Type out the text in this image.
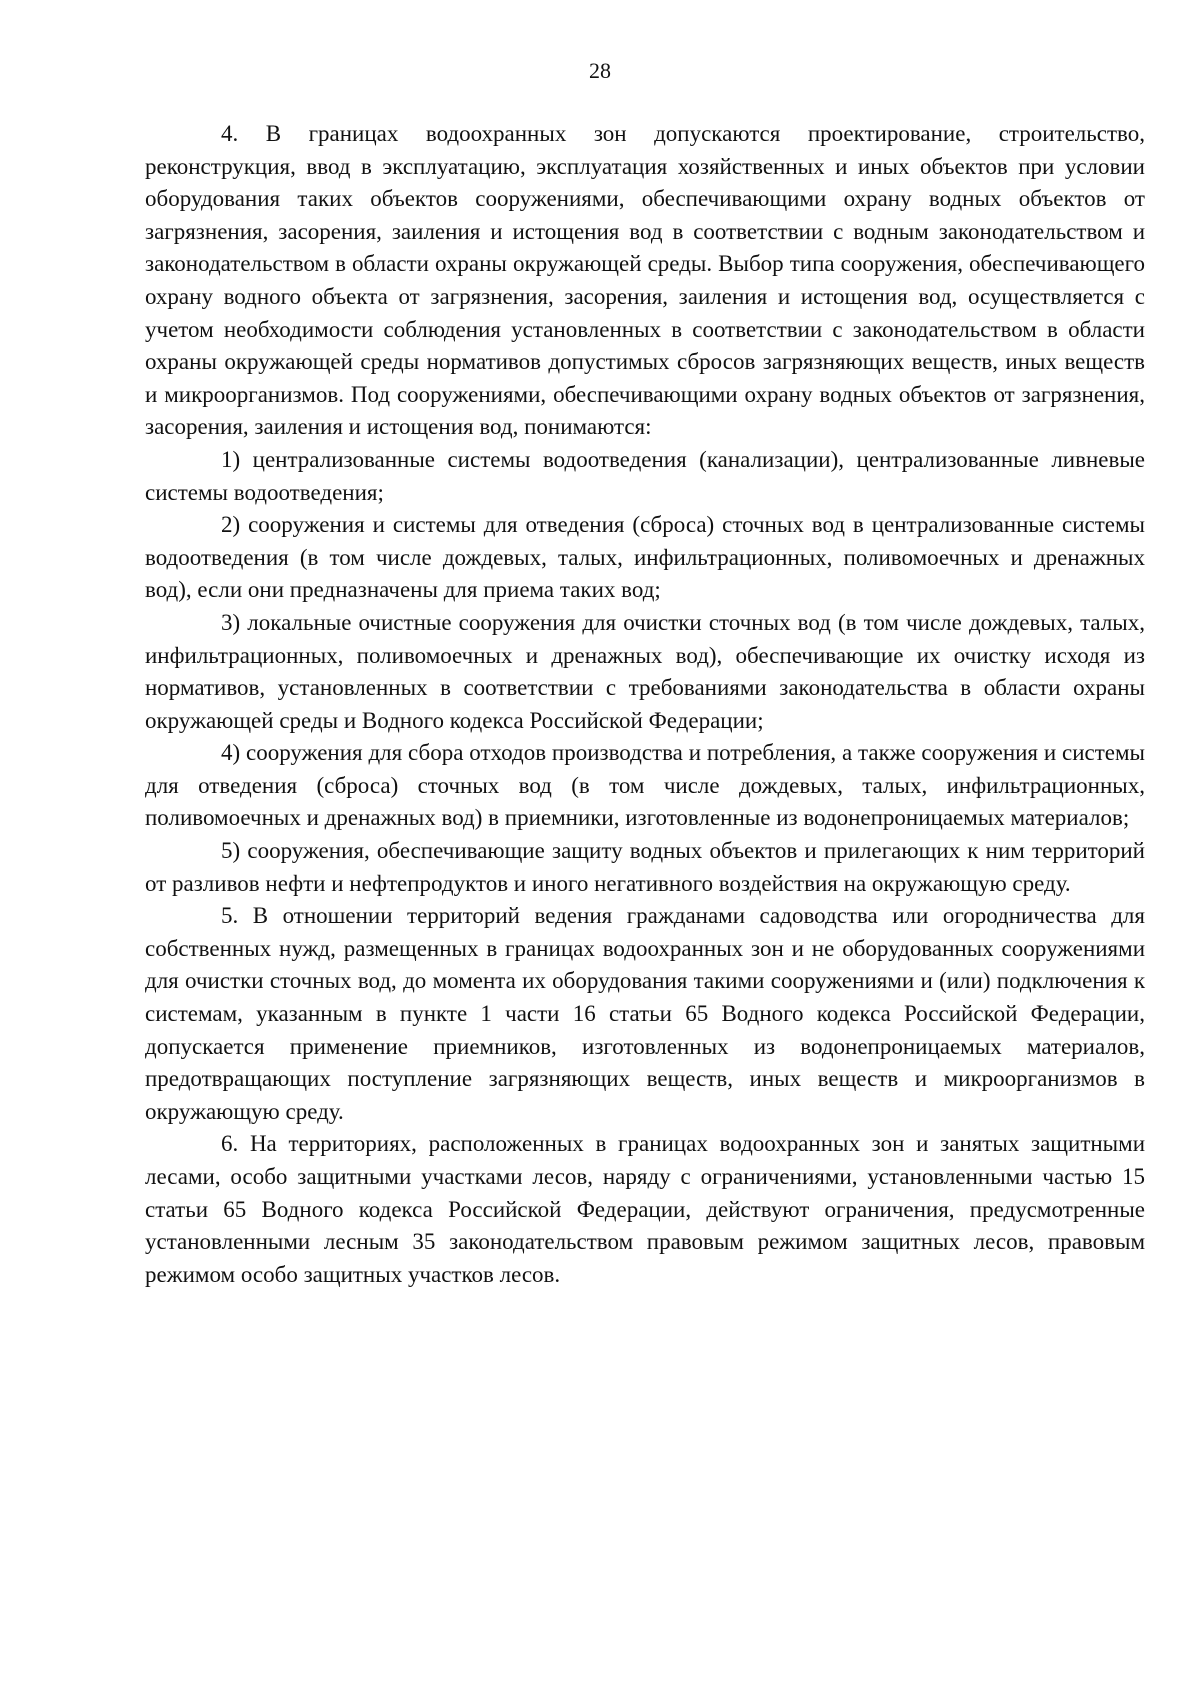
28

4. В границах водоохранных зон допускаются проектирование, строительство, реконструкция, ввод в эксплуатацию, эксплуатация хозяйственных и иных объектов при условии оборудования таких объектов сооружениями, обеспечивающими охрану водных объектов от загрязнения, засорения, заиления и истощения вод в соответствии с водным законодательством и законодательством в области охраны окружающей среды. Выбор типа сооружения, обеспечивающего охрану водного объекта от загрязнения, засорения, заиления и истощения вод, осуществляется с учетом необходимости соблюдения установленных в соответствии с законодательством в области охраны окружающей среды нормативов допустимых сбросов загрязняющих веществ, иных веществ и микроорганизмов. Под сооружениями, обеспечивающими охрану водных объектов от загрязнения, засорения, заиления и истощения вод, понимаются:

1) централизованные системы водоотведения (канализации), централизованные ливневые системы водоотведения;

2) сооружения и системы для отведения (сброса) сточных вод в централизованные системы водоотведения (в том числе дождевых, талых, инфильтрационных, поливомоечных и дренажных вод), если они предназначены для приема таких вод;

3) локальные очистные сооружения для очистки сточных вод (в том числе дождевых, талых, инфильтрационных, поливомоечных и дренажных вод), обеспечивающие их очистку исходя из нормативов, установленных в соответствии с требованиями законодательства в области охраны окружающей среды и Водного кодекса Российской Федерации;

4) сооружения для сбора отходов производства и потребления, а также сооружения и системы для отведения (сброса) сточных вод (в том числе дождевых, талых, инфильтрационных, поливомоечных и дренажных вод) в приемники, изготовленные из водонепроницаемых материалов;

5) сооружения, обеспечивающие защиту водных объектов и прилегающих к ним территорий от разливов нефти и нефтепродуктов и иного негативного воздействия на окружающую среду.

5. В отношении территорий ведения гражданами садоводства или огородничества для собственных нужд, размещенных в границах водоохранных зон и не оборудованных сооружениями для очистки сточных вод, до момента их оборудования такими сооружениями и (или) подключения к системам, указанным в пункте 1 части 16 статьи 65 Водного кодекса Российской Федерации, допускается применение приемников, изготовленных из водонепроницаемых материалов, предотвращающих поступление загрязняющих веществ, иных веществ и микроорганизмов в окружающую среду.

6. На территориях, расположенных в границах водоохранных зон и занятых защитными лесами, особо защитными участками лесов, наряду с ограничениями, установленными частью 15 статьи 65 Водного кодекса Российской Федерации, действуют ограничения, предусмотренные установленными лесным 35 законодательством правовым режимом защитных лесов, правовым режимом особо защитных участков лесов.
